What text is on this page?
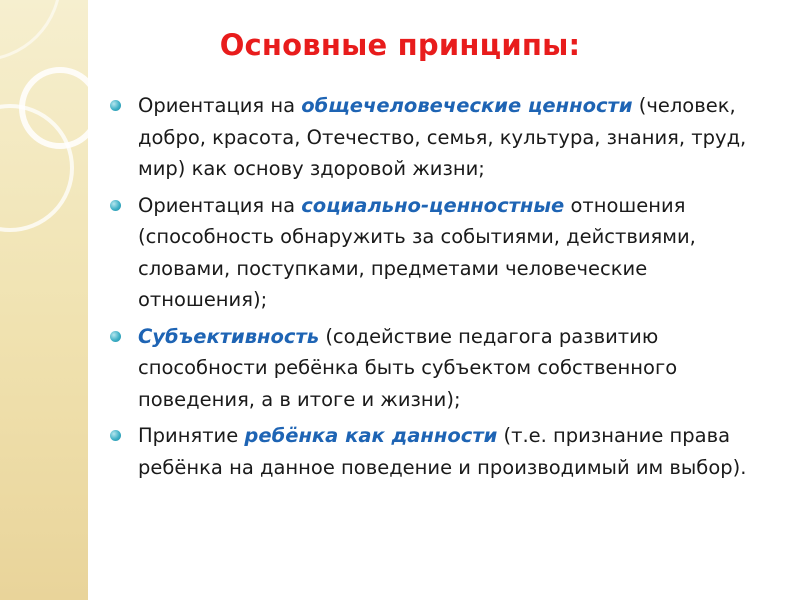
Основные принципы:
Ориентация на общечеловеческие ценности (человек, добро, красота, Отечество, семья, культура, знания, труд, мир) как основу здоровой жизни;
Ориентация на социально-ценностные отношения (способность обнаружить за событиями, действиями, словами, поступками, предметами человеческие отношения);
Субъективность (содействие педагога развитию способности ребёнка быть субъектом собственного поведения, а в итоге и жизни);
Принятие ребёнка как данности (т.е. признание права ребёнка на данное поведение и производимый им выбор).
